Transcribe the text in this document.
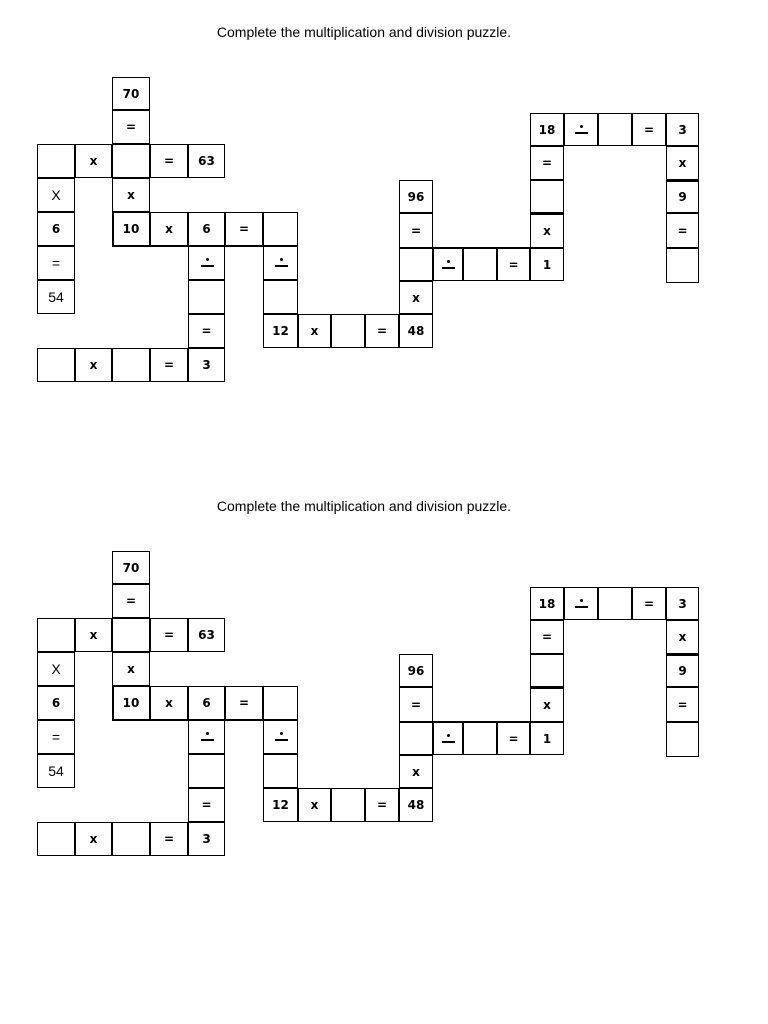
Complete the multiplication and division puzzle.
70
=
x	=	63
X	x
6	10	x	6	=
=
54
=	12	x	=	48
x	=	3
96
=
=	1
x
18	=	3
=
x
x
9
=
Complete the multiplication and division puzzle.
70
=
x	=	63
X	x
6	10	x	6	=
=
54
=	12	x	=	48
x	=	3
96
=
=	1
x
18	=	3
=
x
x
9
=
